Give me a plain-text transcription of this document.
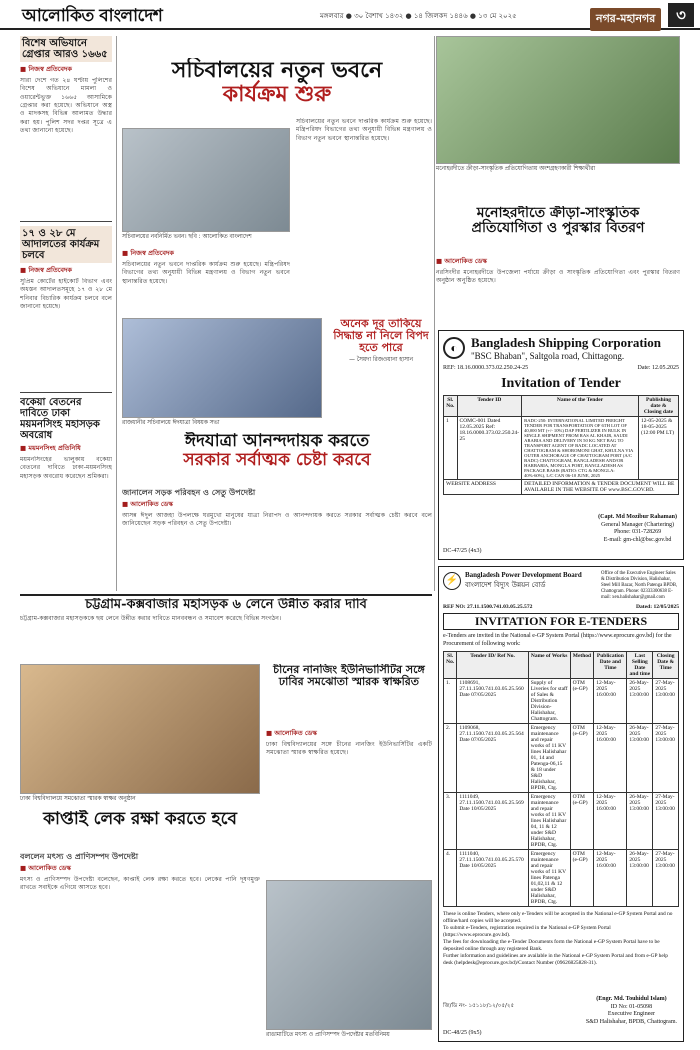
আলোকিত বাংলাদেশ	মঙ্গলবার ● ৩০ বৈশাখ ১৪৩২ ● ১৪ জিলকদ ১৪৪৬ ● ১৩ মে ২০২৫	নগর-মহানগর	৩
বিশেষ অভিযানে গ্রেপ্তার আরও ১৬৬৫
■ নিজস্ব প্রতিবেদক
সারা দেশে গত ২৪ ঘণ্টায় পুলিশের বিশেষ অভিযানে মামলা ও ওয়ারেন্টভুক্ত ১৬৬৫ আসামিকে গ্রেপ্তার করা হয়েছে। অভিযানে অস্ত্র ও মাদকসহ বিভিন্ন আলামত উদ্ধার করা হয়। পুলিশ সদর দপ্তর সূত্রে এ তথ্য জানানো হয়েছে।
১৭ ও ২৮ মে আদালতের কার্যক্রম চলবে
■ নিজস্ব প্রতিবেদক
সুপ্রিম কোর্টের হাইকোর্ট বিভাগ এবং অধস্তন আদালতসমূহে ১৭ ও ২৮ মে শনিবার বিচারিক কার্যক্রম চলবে বলে জানানো হয়েছে।
বকেয়া বেতনের দাবিতে ঢাকা ময়মনসিংহ মহাসড়ক অবরোধ
■ ময়মনসিংহ প্রতিনিধি
ময়মনসিংহের ভালুকায় বকেয়া বেতনের দাবিতে ঢাকা-ময়মনসিংহ মহাসড়ক অবরোধ করেছেন শ্রমিকরা।
সচিবালয়ের নতুন ভবনে
কার্যক্রম শুরু
সচিবালয়ের নবনির্মিত ভবন। ছবি : আলোকিত বাংলাদেশ
■ নিজস্ব প্রতিবেদক
সচিবালয়ের নতুন ভবনে দাপ্তরিক কার্যক্রম শুরু হয়েছে। মন্ত্রিপরিষদ বিভাগের তথ্য অনুযায়ী বিভিন্ন মন্ত্রণালয় ও বিভাগ নতুন ভবনে স্থানান্তরিত হয়েছে।
সচিবালয়ের নতুন ভবনে দাপ্তরিক কার্যক্রম শুরু হয়েছে। মন্ত্রিপরিষদ বিভাগের তথ্য অনুযায়ী বিভিন্ন মন্ত্রণালয় ও বিভাগ নতুন ভবনে স্থানান্তরিত হয়েছে।
অনেক দূর তাকিয়ে সিদ্ধান্ত না নিলে বিপদ হতে পারে
— সৈয়দা রিজওয়ানা হাসান
রাজধানীর সচিবালয়ে ঈদযাত্রা বিষয়ক সভা
ঈদযাত্রা আনন্দদায়ক করতে
সরকার সর্বাত্মক চেষ্টা করবে
জানালেন সড়ক পরিবহন ও সেতু উপদেষ্টা
■ আলোকিত ডেস্ক
আসন্ন ঈদুল আজহা উপলক্ষে ঘরমুখো মানুষের যাত্রা নিরাপদ ও আনন্দদায়ক করতে সরকার সর্বাত্মক চেষ্টা করবে বলে জানিয়েছেন সড়ক পরিবহন ও সেতু উপদেষ্টা।
মনোহরদীতে ক্রীড়া-সাংস্কৃতিক প্রতিযোগিতায় অংশগ্রহণকারী শিক্ষার্থীরা
মনোহরদীতে ক্রীড়া-সাংস্কৃতিক
প্রতিযোগিতা ও পুরস্কার বিতরণ
■ আলোকিত ডেস্ক
নরসিংদীর মনোহরদীতে উপজেলা পর্যায়ে ক্রীড়া ও সাংস্কৃতিক প্রতিযোগিতা এবং পুরস্কার বিতরণ অনুষ্ঠান অনুষ্ঠিত হয়েছে।
◐	Bangladesh Shipping Corporation
"BSC Bhaban", Saltgola road, Chittagong.
REF: 18.16.0000.373.02.250.24-25	Date: 12.05.2025
Invitation of Tender
Sl. No.	Tender ID	Name of the Tender	Publishing date & Closing date
1	COMC-001 Dated 12.05.2025 Ref: 18.16.0000.373.02.250.24-25	BADC-250: INTERNATIONAL LIMITED FREIGHT TENDER FOR TRANSPORTATION OF 6TH LOT OF 40,000 MT (+/- 10%) DAP FERTILIZER IN BULK IN SINGLE SHIPMENT FROM RAS AL KHAIR, SAUDI ARABIA AND DELIVERY IN 50 KG NET BAG TO TRANSPORT AGENT OF BADC LOCATED AT CHATTOGRAM & SHOROMONI GHAT, KHULNA VIA OUTER ANCHORAGE OF CHATTOGRAM PORT (A/C BADC) CHATTOGRAM, BANGLADESH AND/OR HARBARIA, MONGLA PORT, BANGLADESH AS PACKAGE BASIS (RATIO: CTG & MONGLA: 40%-60%), L/C CAN 06-10 JUNE, 2025	12-05-2025 & 18-05-2025 (12:00 PM LT)
WEBSITE ADDRESS		DETAILED INFORMATION & TENDER DOCUMENT WILL BE AVAILABLE IN THE WEBSITE OF www.BSC.GOV.BD.	
(Capt. Md Mozibur Rahaman)
General Manager (Chartering)
Phone: 031-728269
E-mail: gm-chl@bsc.gov.bd
DC-47/25 (4x3)
চট্টগ্রাম-কক্সবাজার মহাসড়ক ৬ লেনে উন্নীত করার দাবি
চট্টগ্রাম-কক্সবাজার মহাসড়ককে ছয় লেনে উন্নীত করার দাবিতে মানববন্ধন ও সমাবেশ করেছে বিভিন্ন সংগঠন।
ঢাকা বিশ্ববিদ্যালয়ে সমঝোতা স্মারক স্বাক্ষর অনুষ্ঠান
চীনের নানজিং ইউনিভার্সিটির সঙ্গে ঢাবির সমঝোতা স্মারক স্বাক্ষরিত
■ আলোকিত ডেস্ক
ঢাকা বিশ্ববিদ্যালয়ের সঙ্গে চীনের নানজিং ইউনিভার্সিটির একটি সমঝোতা স্মারক স্বাক্ষরিত হয়েছে।
কাপ্তাই লেক রক্ষা করতে হবে
বললেন মৎস্য ও প্রাণিসম্পদ উপদেষ্টা
■ আলোকিত ডেস্ক
মৎস্য ও প্রাণিসম্পদ উপদেষ্টা বলেছেন, কাপ্তাই লেক রক্ষা করতে হবে। লেকের পানি দূষণমুক্ত রাখতে সবাইকে এগিয়ে আসতে হবে।
রাঙামাটিতে মৎস্য ও প্রাণিসম্পদ উপদেষ্টার মতবিনিময়
⚡ Bangladesh Power Development Board
বাংলাদেশ বিদ্যুৎ উন্নয়ন বোর্ড
Office of the Executive Engineer Sales & Distribution Division, Halishahar, Steel Mill Bazar, North Patenga BPDB, Chattogram. Phone: 02333300638 E-mail: xen.halishahar@gmail.com
REF NO: 27.11.1500.741.03.05.25.572	Dated: 12/05/2025
INVITATION FOR E-TENDERS
e-Tenders are invited in the National e-GP System Portal (https://www.eprocure.gov.bd) for the Procurement of following work:
Sl. No.	Tender ID/ Ref No.	Name of Works	Method	Publication Date and Time	Last Selling Date and time	Closing Date & Time
1.	1108691, 27.11.1500.741.03.05.25.560 Date 07/05/2025	Supply of Liveries for staff of Sales & Distribution Division-Halishahar, Chattogram.	OTM (e-GP)	12-May-2025 16:00:00	26-May-2025 13:00:00	27-May-2025 13:00:00
2.	1109068, 27.11.1500.741.03.05.25.564 Date 07/05/2025	Emergency maintenance and repair works of 11 KV lines Halishahar 01, 14 and Patenga-06,15 & 18 under S&D Halishahar, BPDB, Ctg.	OTM (e-GP)	12-May-2025 16:00:00	26-May-2025 13:00:00	27-May-2025 13:00:00
3.	1111049, 27.11.1500.741.03.05.25.569 Date 10/05/2025	Emergency maintenance and repair works of 11 KV lines Halishahar 04, 11 & 12 under S&D Halishahar, BPDB, Ctg.	OTM (e-GP)	12-May-2025 16:00:00	26-May-2025 13:00:00	27-May-2025 13:00:00
4.	1111040, 27.11.1500.741.03.05.25.570 Date 10/05/2025	Emergency maintenance and repair works of 11 KV lines Patenga 01,02,11 & 12 under S&D Halishahar, BPDB, Ctg.	OTM (e-GP)	12-May-2025 16:00:00	26-May-2025 13:00:00	27-May-2025 13:00:00
These is online Tenders, where only e-Tenders will be accepted in the National e-GP System Portal and no offline/hard copies will be accepted.
To submit e-Tenders, registration required in the National e-GP System Portal (https://www.eprocure.gov.bd).
The fees for downloading the e-Tender Documents form the National e-GP System Portal have to be deposited online through any registered Bank.
Further information and guidelines are available in the National e-GP System Portal and from e-GP help desk (helpdesk@eprocure.gov.bd)/Contact Number (09626825828-31).
জি/ডি নং- ১৫১১৮/১২/০৫/২৫
(Engr. Md. Touhidul Islam)
ID No: 01-05098
Executive Engineer
S&D Halishahar, BPDB, Chattogram.
DC-48/25 (9x5)
